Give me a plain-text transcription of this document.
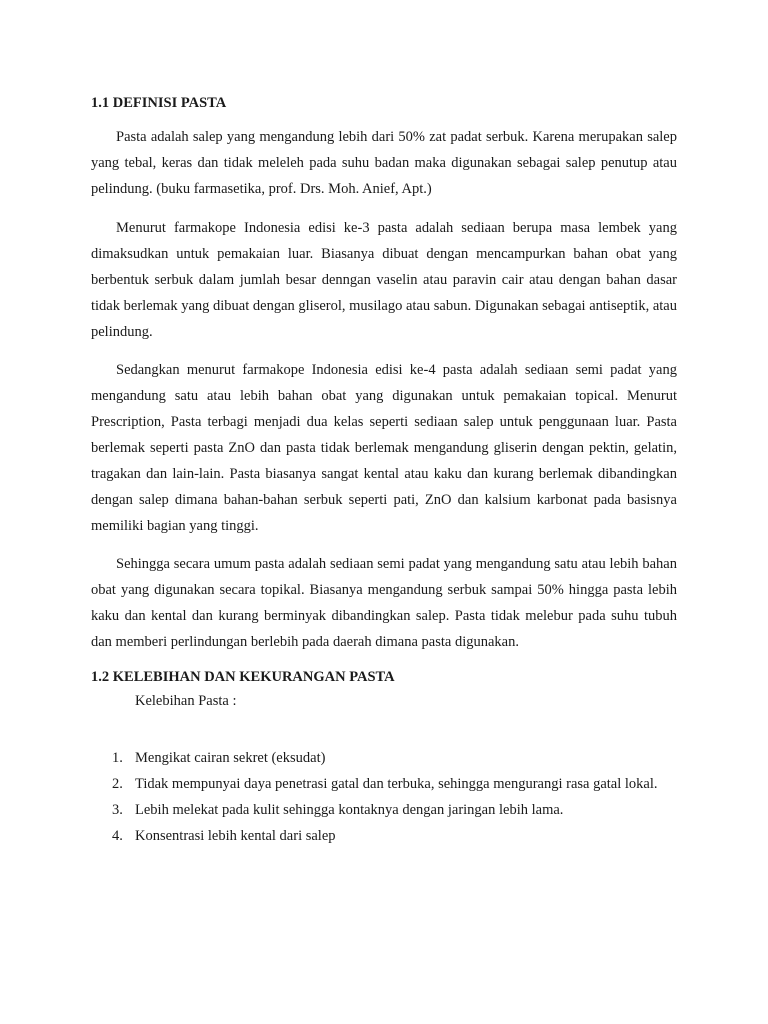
1.1 DEFINISI PASTA

Pasta adalah salep yang mengandung lebih dari 50% zat padat serbuk. Karena merupakan salep yang tebal, keras dan tidak meleleh pada suhu badan maka digunakan sebagai salep penutup atau pelindung. (buku farmasetika, prof. Drs. Moh. Anief, Apt.)

Menurut farmakope Indonesia edisi ke-3 pasta adalah sediaan berupa masa lembek yang dimaksudkan untuk pemakaian luar. Biasanya dibuat dengan mencampurkan bahan obat yang berbentuk serbuk dalam jumlah besar denngan vaselin atau paravin cair atau dengan bahan dasar tidak berlemak yang dibuat dengan gliserol, musilago atau sabun. Digunakan sebagai antiseptik, atau pelindung.

Sedangkan menurut farmakope Indonesia edisi ke-4 pasta adalah sediaan semi padat yang mengandung satu atau lebih bahan obat yang digunakan untuk pemakaian topical. Menurut Prescription, Pasta terbagi menjadi dua kelas seperti sediaan salep untuk penggunaan luar. Pasta berlemak seperti pasta ZnO dan pasta tidak berlemak mengandung gliserin dengan pektin, gelatin, tragakan dan lain-lain. Pasta biasanya sangat kental atau kaku dan kurang berlemak dibandingkan dengan salep dimana bahan-bahan serbuk seperti pati, ZnO dan kalsium karbonat pada basisnya memiliki bagian yang tinggi.

Sehingga secara umum pasta adalah sediaan semi padat yang mengandung satu atau lebih bahan obat yang digunakan secara topikal. Biasanya mengandung serbuk sampai 50% hingga pasta lebih kaku dan kental dan kurang berminyak dibandingkan salep. Pasta tidak melebur pada suhu tubuh dan memberi perlindungan berlebih pada daerah dimana pasta digunakan.

1.2 KELEBIHAN DAN KEKURANGAN PASTA

Kelebihan Pasta :

1. Mengikat cairan sekret (eksudat)
2. Tidak mempunyai daya penetrasi gatal dan terbuka, sehingga mengurangi rasa gatal lokal.
3. Lebih melekat pada kulit sehingga kontaknya dengan jaringan lebih lama.
4. Konsentrasi lebih kental dari salep
